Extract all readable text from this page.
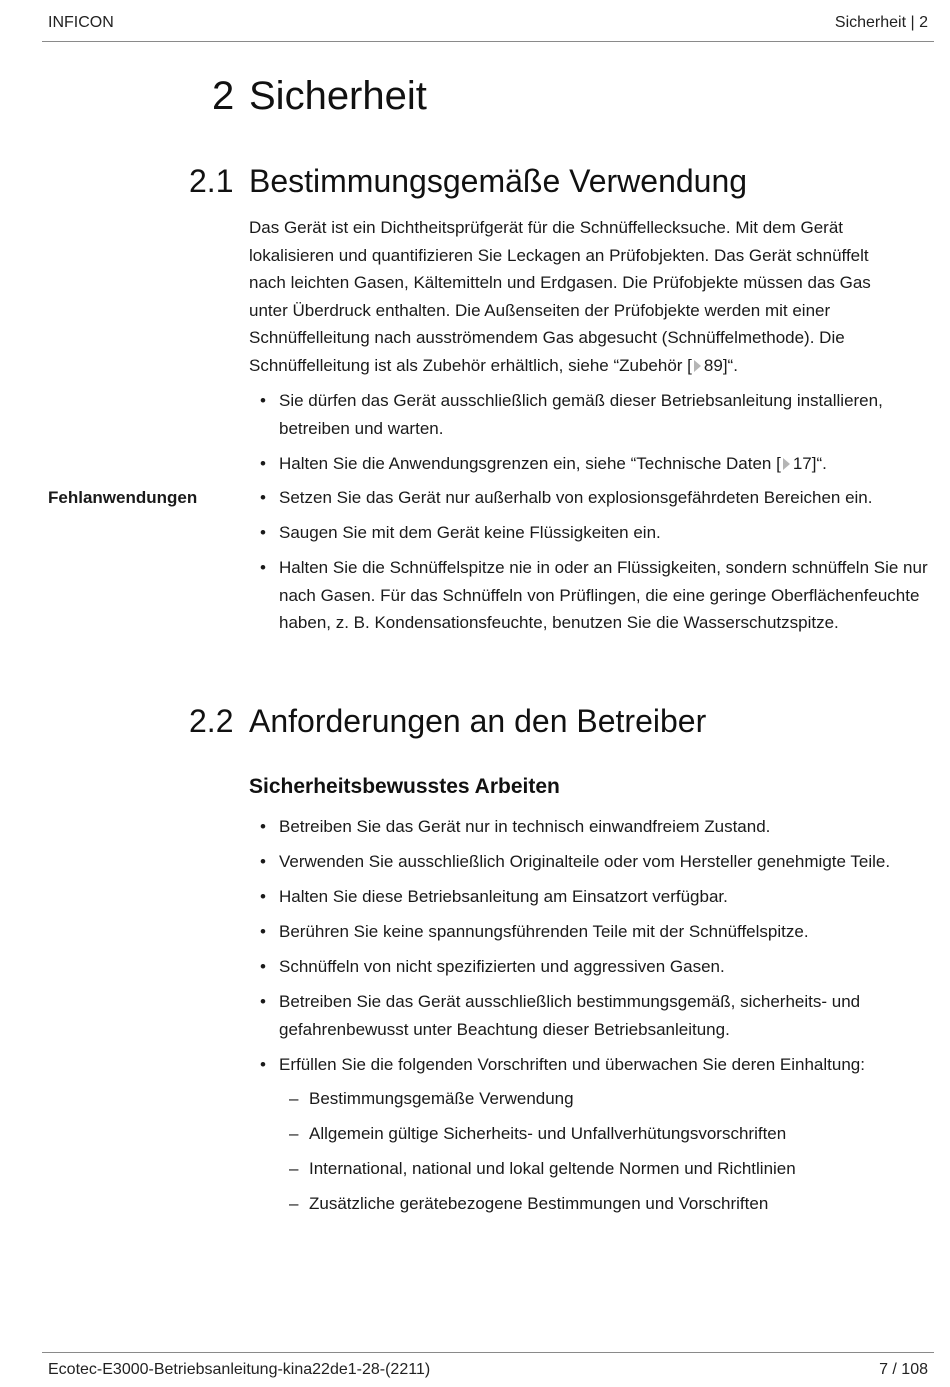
INFICON	Sicherheit | 2
2 Sicherheit
2.1 Bestimmungsgemäße Verwendung
Das Gerät ist ein Dichtheitsprüfgerät für die Schnüffellecksuche. Mit dem Gerät lokalisieren und quantifizieren Sie Leckagen an Prüfobjekten. Das Gerät schnüffelt nach leichten Gasen, Kältemitteln und Erdgasen. Die Prüfobjekte müssen das Gas unter Überdruck enthalten. Die Außenseiten der Prüfobjekte werden mit einer Schnüffelleitung nach ausströmendem Gas abgesucht (Schnüffelmethode). Die Schnüffelleitung ist als Zubehör erhältlich, siehe “Zubehör [ 89]“.
• Sie dürfen das Gerät ausschließlich gemäß dieser Betriebsanleitung installieren, betreiben und warten.
• Halten Sie die Anwendungsgrenzen ein, siehe “Technische Daten [ 17]“.
Fehlanwendungen	• Setzen Sie das Gerät nur außerhalb von explosionsgefährdeten Bereichen ein.
• Saugen Sie mit dem Gerät keine Flüssigkeiten ein.
• Halten Sie die Schnüffelspitze nie in oder an Flüssigkeiten, sondern schnüffeln Sie nur nach Gasen. Für das Schnüffeln von Prüflingen, die eine geringe Oberflächenfeuchte haben, z. B. Kondensationsfeuchte, benutzen Sie die Wasserschutzspitze.
2.2 Anforderungen an den Betreiber
Sicherheitsbewusstes Arbeiten
• Betreiben Sie das Gerät nur in technisch einwandfreiem Zustand.
• Verwenden Sie ausschließlich Originalteile oder vom Hersteller genehmigte Teile.
• Halten Sie diese Betriebsanleitung am Einsatzort verfügbar.
• Berühren Sie keine spannungsführenden Teile mit der Schnüffelspitze.
• Schnüffeln von nicht spezifizierten und aggressiven Gasen.
• Betreiben Sie das Gerät ausschließlich bestimmungsgemäß, sicherheits- und gefahrenbewusst unter Beachtung dieser Betriebsanleitung.
• Erfüllen Sie die folgenden Vorschriften und überwachen Sie deren Einhaltung:
– Bestimmungsgemäße Verwendung
– Allgemein gültige Sicherheits- und Unfallverhütungsvorschriften
– International, national und lokal geltende Normen und Richtlinien
– Zusätzliche gerätebezogene Bestimmungen und Vorschriften
Ecotec-E3000-Betriebsanleitung-kina22de1-28-(2211)	7 / 108
